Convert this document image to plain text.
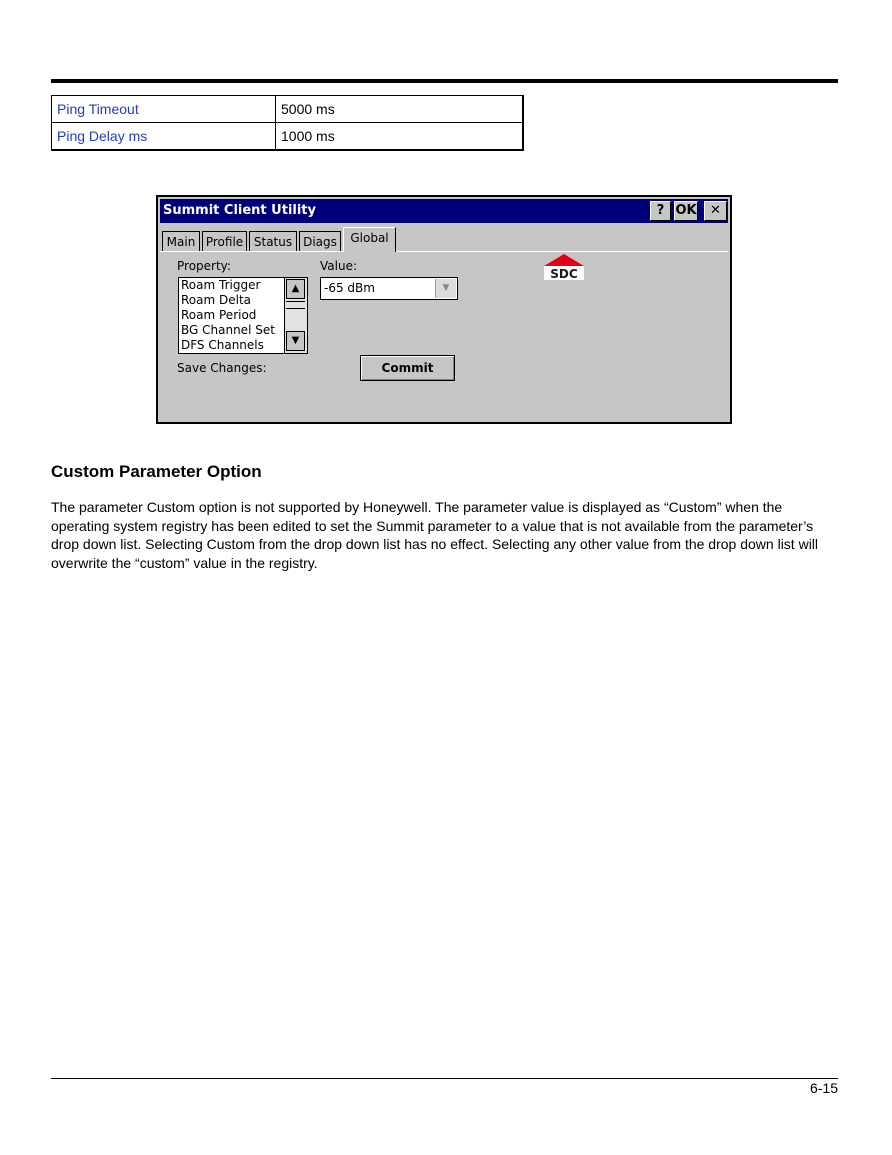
Ping Timeout	5000 ms
Ping Delay ms	1000 ms
Summit Client Utility	? OK	✕
Main Profile Status Diags	Global
Property:	Value:
Roam Trigger
Roam Delta
Roam Period
BG Channel Set
DFS Channels
▲
▼
-65 dBm	▼
Save Changes:	Commit
SDC
Custom Parameter Option

The parameter Custom option is not supported by Honeywell. The parameter value is displayed as “Custom” when the operating system registry has been edited to set the Summit parameter to a value that is not available from the parameter’s drop down list. Selecting Custom from the drop down list has no effect. Selecting any other value from the drop down list will overwrite the “custom” value in the registry.

6-15
